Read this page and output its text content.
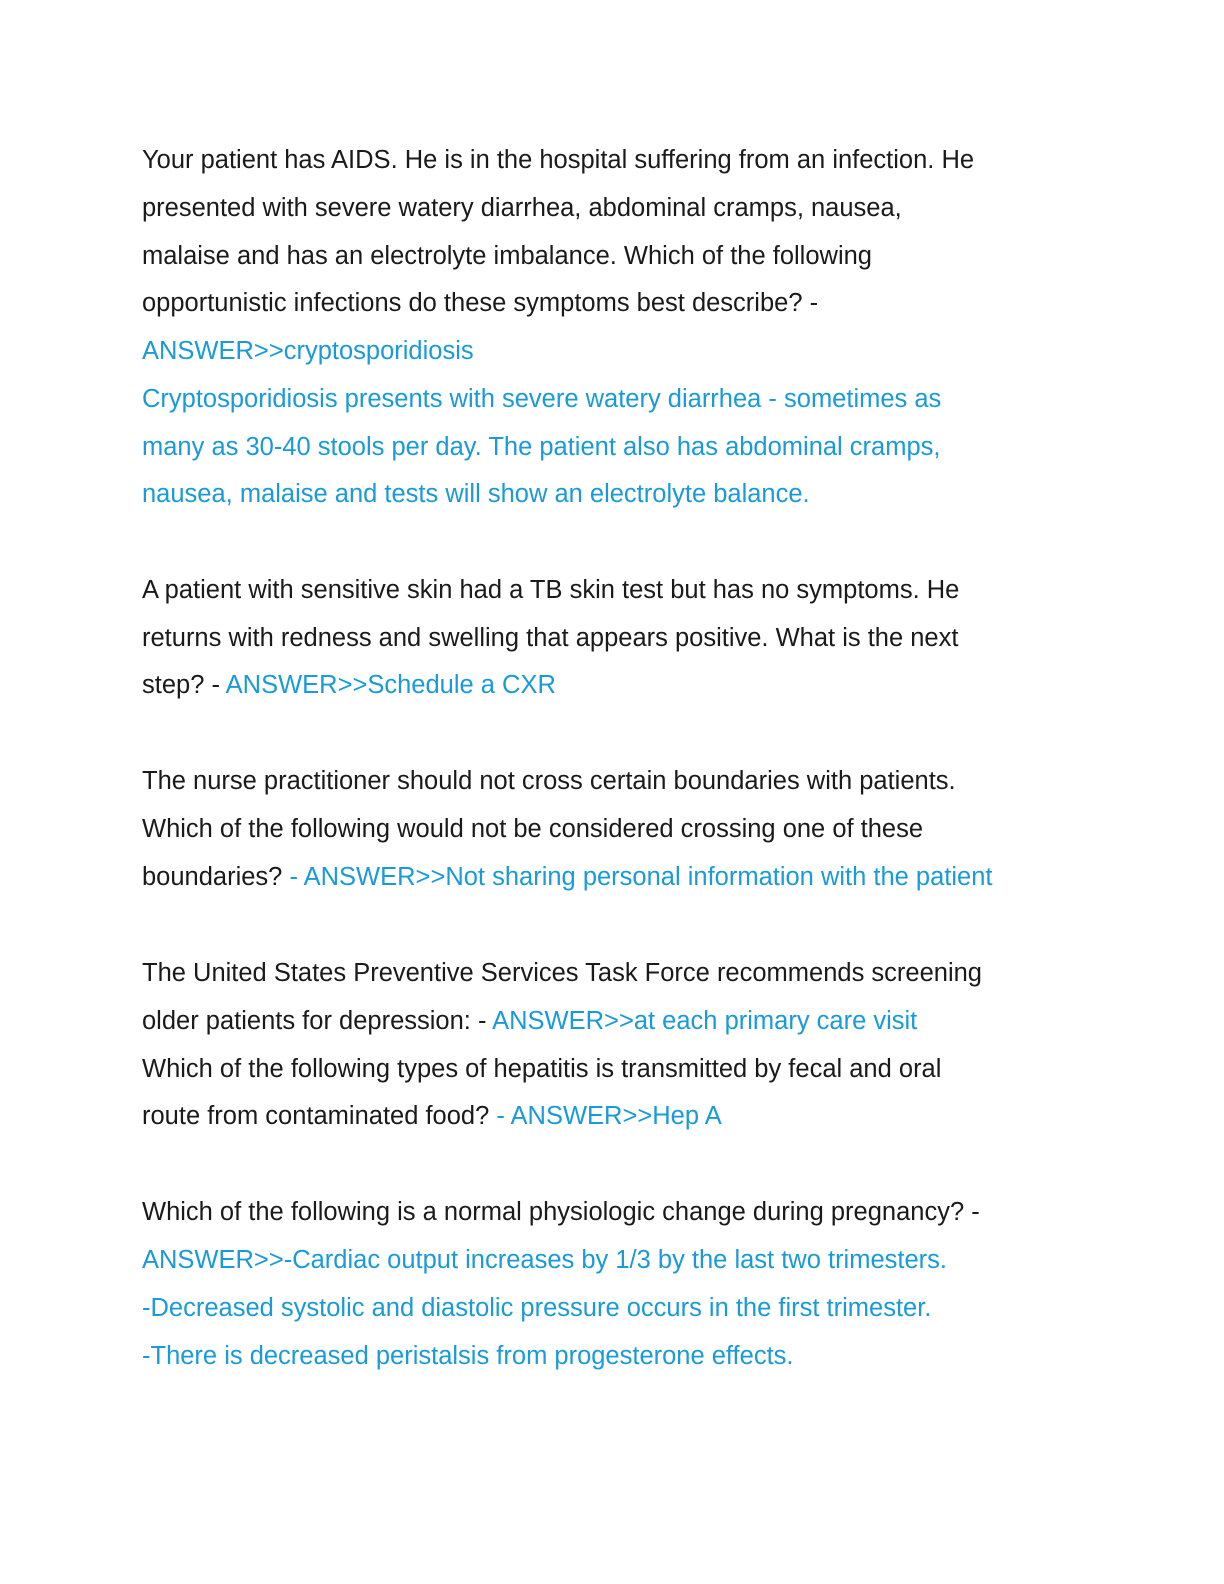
Your patient has AIDS. He is in the hospital suffering from an infection. He
presented with severe watery diarrhea, abdominal cramps, nausea,
malaise and has an electrolyte imbalance. Which of the following
opportunistic infections do these symptoms best describe? -
ANSWER>>cryptosporidiosis
Cryptosporidiosis presents with severe watery diarrhea - sometimes as
many as 30-40 stools per day. The patient also has abdominal cramps,
nausea, malaise and tests will show an electrolyte balance.
A patient with sensitive skin had a TB skin test but has no symptoms. He
returns with redness and swelling that appears positive. What is the next
step? - ANSWER>>Schedule a CXR
The nurse practitioner should not cross certain boundaries with patients.
Which of the following would not be considered crossing one of these
boundaries? - ANSWER>>Not sharing personal information with the patient
The United States Preventive Services Task Force recommends screening
older patients for depression: - ANSWER>>at each primary care visit
Which of the following types of hepatitis is transmitted by fecal and oral
route from contaminated food? - ANSWER>>Hep A
Which of the following is a normal physiologic change during pregnancy? -
ANSWER>>-Cardiac output increases by 1/3 by the last two trimesters.
-Decreased systolic and diastolic pressure occurs in the first trimester.
-There is decreased peristalsis from progesterone effects.
